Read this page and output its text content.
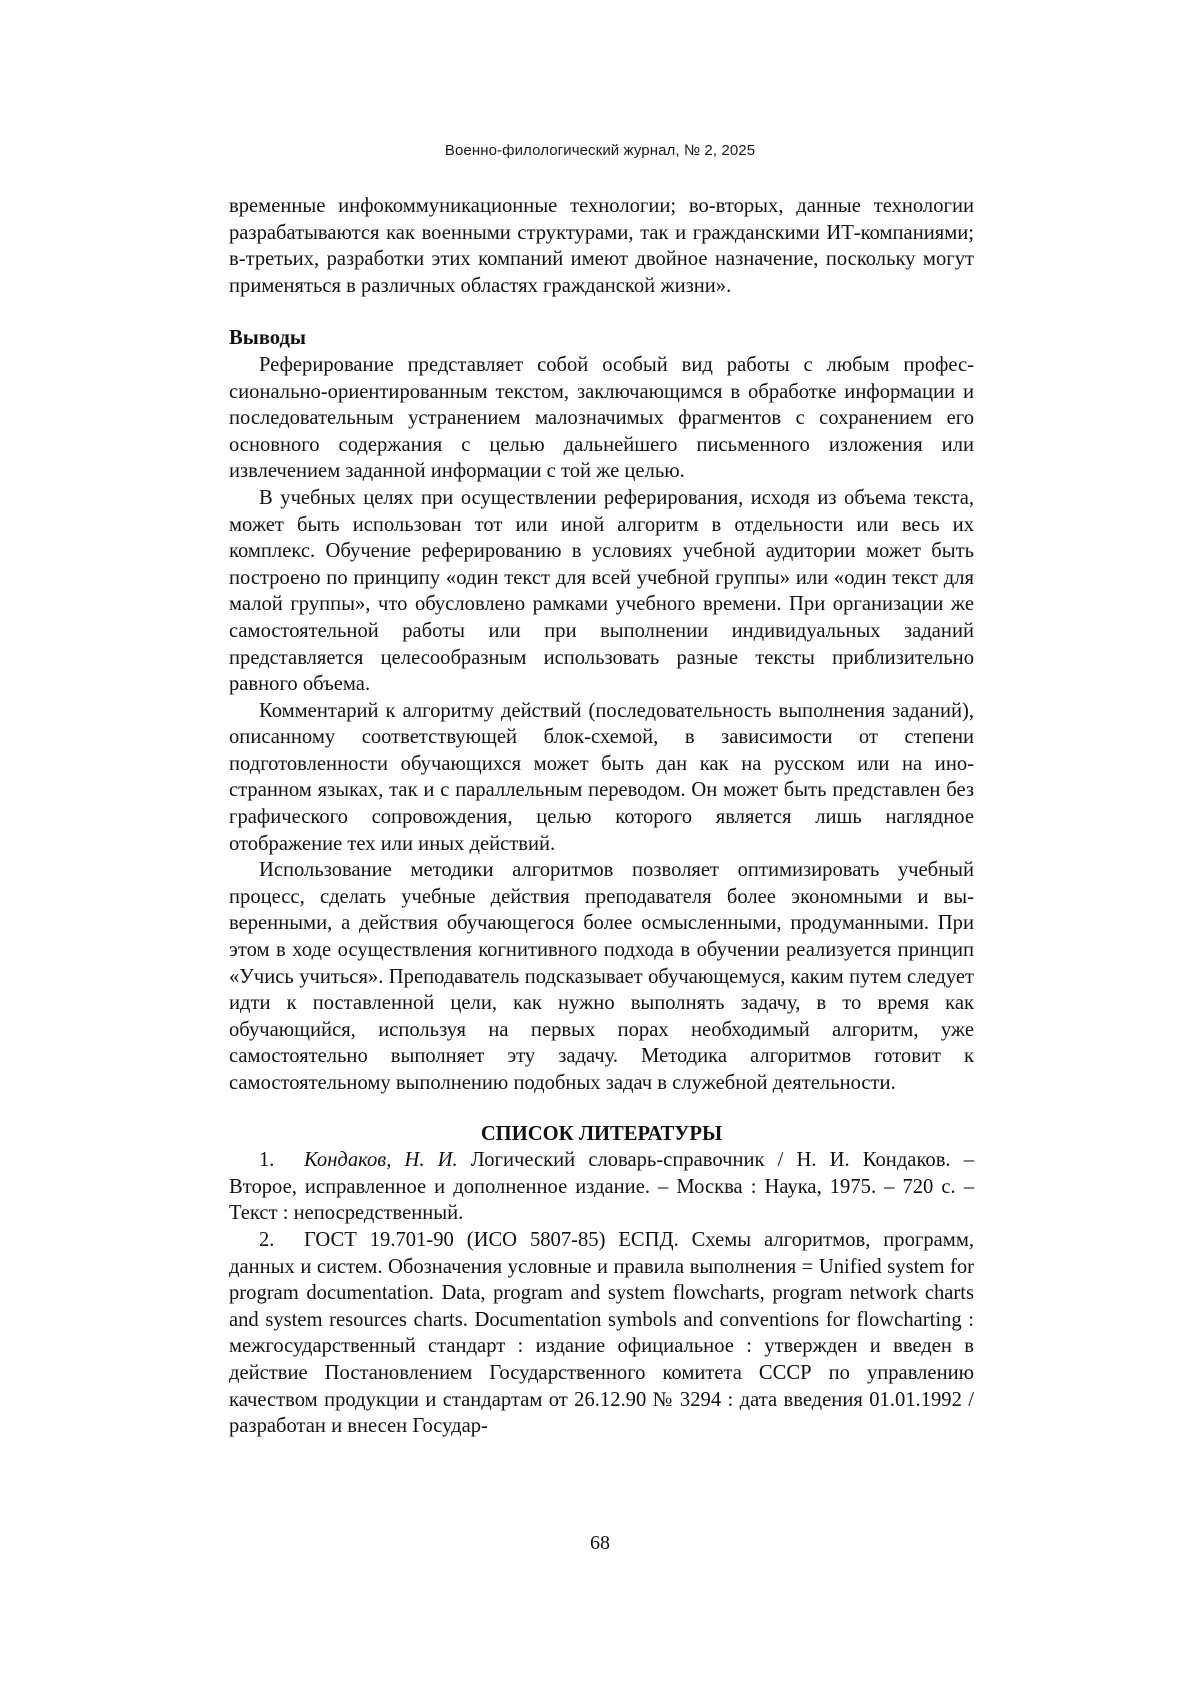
Военно-филологический журнал, № 2, 2025

временные инфокоммуникационные технологии; во-вторых, данные технологии разрабатываются как военными структурами, так и гражданскими ИТ-компаниями; в-третьих, разработки этих компаний имеют двойное назначение, поскольку могут применяться в различных областях гражданской жизни».

Выводы

Реферирование представляет собой особый вид работы с любым профессионально-ориентированным текстом, заключающимся в обработке информации и последовательным устранением малозначимых фрагментов с сохранением его основного содержания с целью дальнейшего письменного изложения или извлечением заданной информации с той же целью.

В учебных целях при осуществлении реферирования, исходя из объема текста, может быть использован тот или иной алгоритм в отдельности или весь их комплекс. Обучение реферированию в условиях учебной аудитории может быть построено по принципу «один текст для всей учебной группы» или «один текст для малой группы», что обусловлено рамками учебного времени. При организации же самостоятельной работы или при выполнении индивидуальных заданий представляется целесообразным использовать разные тексты приблизительно равного объема.

Комментарий к алгоритму действий (последовательность выполнения заданий), описанному соответствующей блок-схемой, в зависимости от степени подготовленности обучающихся может быть дан как на русском или на иностранном языках, так и с параллельным переводом. Он может быть представлен без графического сопровождения, целью которого является лишь наглядное отображение тех или иных действий.

Использование методики алгоритмов позволяет оптимизировать учебный процесс, сделать учебные действия преподавателя более экономными и выверенными, а действия обучающегося более осмысленными, продуманными. При этом в ходе осуществления когнитивного подхода в обучении реализуется принцип «Учись учиться». Преподаватель подсказывает обучающемуся, каким путем следует идти к поставленной цели, как нужно выполнять задачу, в то время как обучающийся, используя на первых порах необходимый алгоритм, уже самостоятельно выполняет эту задачу. Методика алгоритмов готовит к самостоятельному выполнению подобных задач в служебной деятельности.

СПИСОК ЛИТЕРАТУРЫ

1. Кондаков, Н. И. Логический словарь-справочник / Н. И. Кондаков. – Второе, исправленное и дополненное издание. – Москва : Наука, 1975. – 720 с. – Текст : непосредственный.

2. ГОСТ 19.701-90 (ИСО 5807-85) ЕСПД. Схемы алгоритмов, программ, данных и систем. Обозначения условные и правила выполнения = Unified system for program documentation. Data, program and system flowcharts, program network charts and system resources charts. Documentation symbols and conventions for flowcharting : межгосударственный стандарт : издание официальное : утвержден и введен в действие Постановлением Государственного комитета СССР по управлению качеством продукции и стандартам от 26.12.90 № 3294 : дата введения 01.01.1992 / разработан и внесен Государ-

68
